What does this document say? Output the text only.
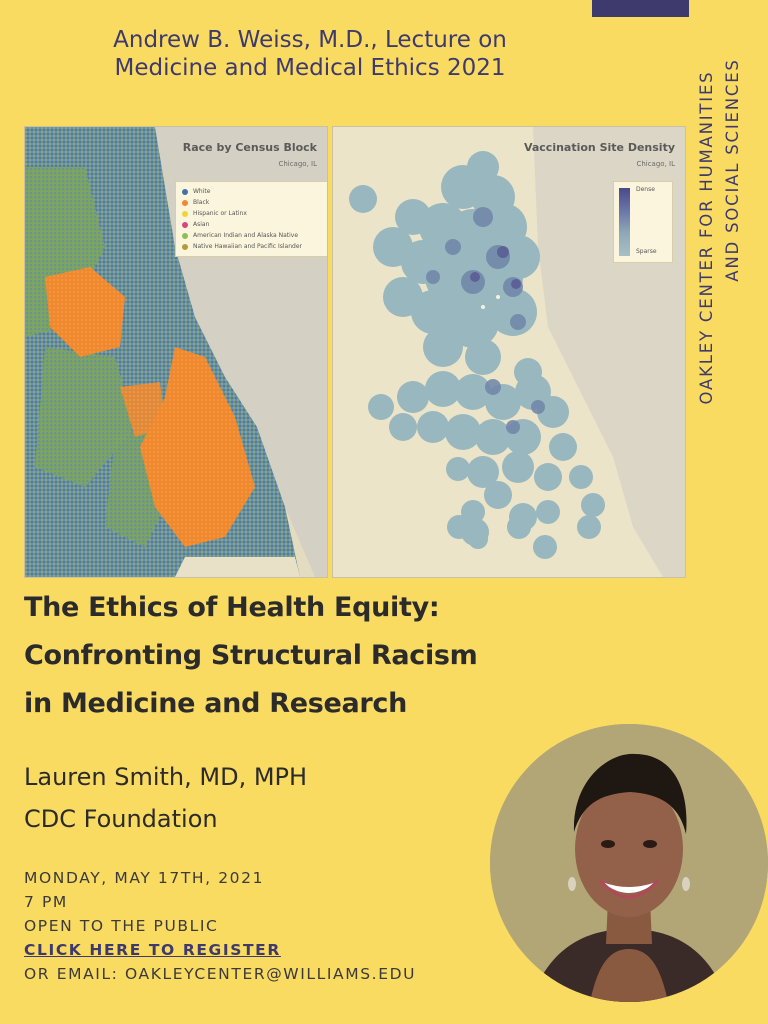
Andrew B. Weiss, M.D., Lecture on
Medicine and Medical Ethics 2021
OAKLEY CENTER FOR HUMANITIES AND SOCIAL SCIENCES
Race by Census Block
Chicago, IL
White
Black
Hispanic or Latinx
Asian
American Indian and Alaska Native
Native Hawaiian and Pacific Islander
Vaccination Site Density
Chicago, IL
Dense
Sparse
The Ethics of Health Equity:
Confronting Structural Racism
in Medicine and Research
Lauren Smith, MD, MPH
CDC Foundation
MONDAY, MAY 17TH, 2021
7 PM
OPEN TO THE PUBLIC
CLICK HERE TO REGISTER
OR EMAIL: OAKLEYCENTER@WILLIAMS.EDU
